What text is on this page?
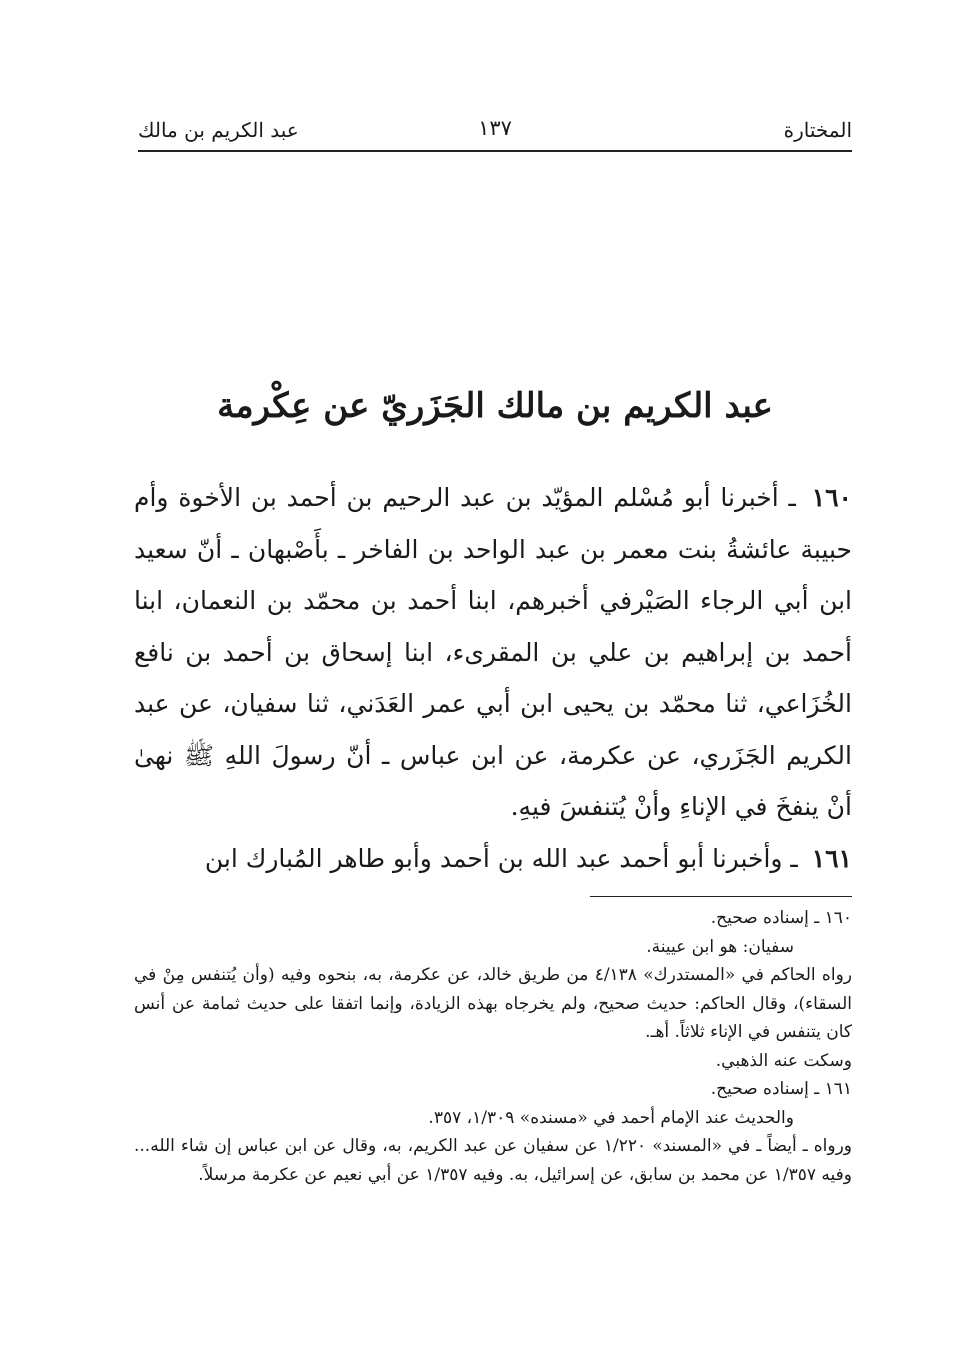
المختارة
١٣٧
عبد الكريم بن مالك
عبد الكريم بن مالك الجَزَريّ عن عِكْرمة

١٦٠ ـ أخبرنا أبو مُسْلم المؤيّد بن عبد الرحيم بن أحمد بن الأخوة وأم حبيبة عائشةُ بنت معمر بن عبد الواحد بن الفاخر ـ بأَصْبهان ـ أنّ سعيد ابن أبي الرجاء الصَيْرفي أخبرهم، ابنا أحمد بن محمّد بن النعمان، ابنا أحمد بن إبراهيم بن علي بن المقرىء، ابنا إسحاق بن أحمد بن نافع الخُزَاعي، ثنا محمّد بن يحيى ابن أبي عمر العَدَني، ثنا سفيان، عن عبد الكريم الجَزَري، عن عكرمة، عن ابن عباس ـ أنّ رسولَ اللهِ ﷺ نهىٰ أنْ ينفخَ في الإناءِ وأنْ يُتنفسَ فيهِ.

١٦١ ـ وأخبرنا أبو أحمد عبد الله بن أحمد وأبو طاهر المُبارك ابن

١٦٠ ـ إسناده صحيح.

سفيان: هو ابن عيينة.

رواه الحاكم في «المستدرك» ٤/١٣٨ من طريق خالد، عن عكرمة، به، بنحوه وفيه (وأن يُتنفس مِنْ في السقاء)، وقال الحاكم: حديث صحيح، ولم يخرجاه بهذه الزيادة، وإنما اتفقا على حديث ثمامة عن أنس كان يتنفس في الإناء ثلاثاً. أهـ.

وسكت عنه الذهبي.

١٦١ ـ إسناده صحيح.

والحديث عند الإمام أحمد في «مسنده» ١/٣٠٩، ٣٥٧.

ورواه ـ أيضاً ـ في «المسند» ١/٢٢٠ عن سفيان عن عبد الكريم، به، وقال عن ابن عباس إن شاء الله... وفيه ١/٣٥٧ عن محمد بن سابق، عن إسرائيل، به. وفيه ١/٣٥٧ عن أبي نعيم عن عكرمة مرسلاً.
